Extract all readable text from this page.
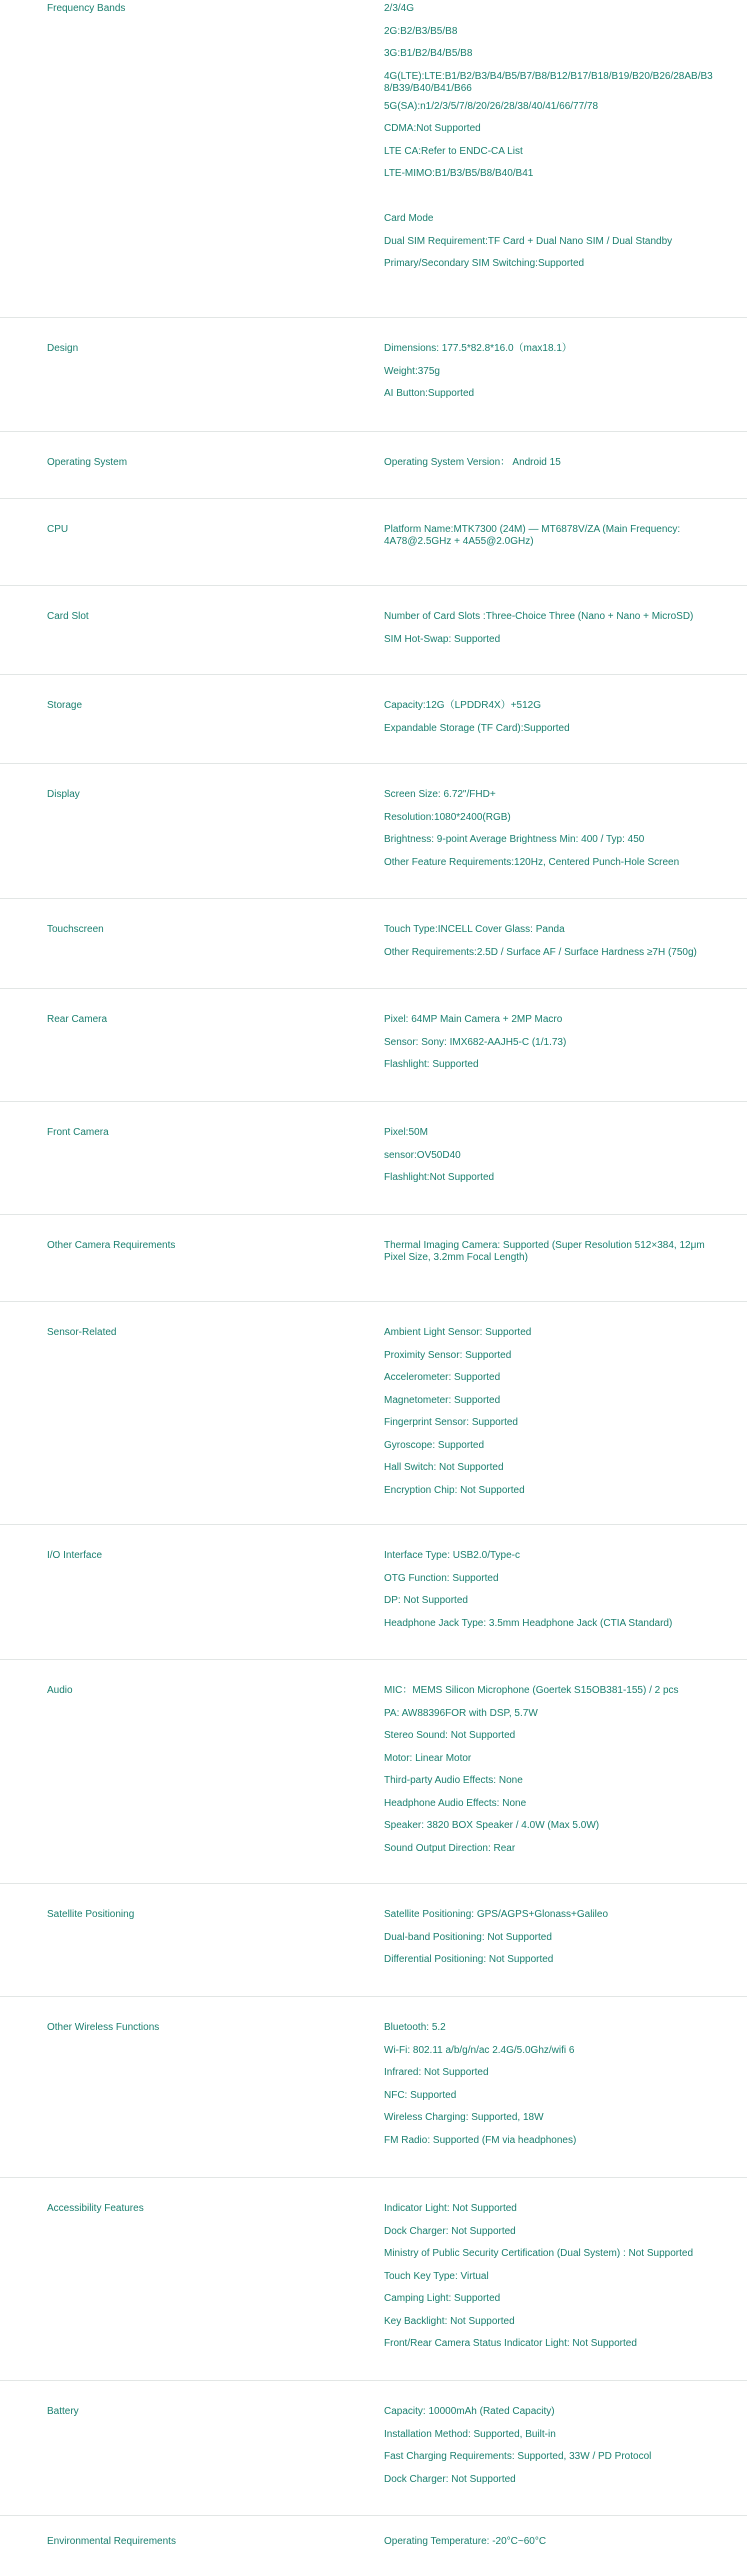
Frequency Bands	2/3/4G
2G:B2/B3/B5/B8
3G:B1/B2/B4/B5/B8
4G(LTE):LTE:B1/B2/B3/B4/B5/B7/B8/B12/B17/B18/B19/B20/B26/28AB/B38/B39/B40/B41/B66
5G(SA):n1/2/3/5/7/8/20/26/28/38/40/41/66/77/78
CDMA:Not Supported
LTE CA:Refer to ENDC-CA List
LTE-MIMO:B1/B3/B5/B8/B40/B41
Card Mode
Dual SIM Requirement:TF Card + Dual Nano SIM / Dual Standby
Primary/Secondary SIM Switching:Supported
Design	Dimensions: 177.5*82.8*16.0（max18.1）
Weight:375g
AI Button:Supported
Operating System	Operating System Version： Android 15
CPU	Platform Name:MTK7300 (24M) — MT6878V/ZA (Main Frequency: 4A78@2.5GHz + 4A55@2.0GHz)
Card Slot	Number of Card Slots :Three-Choice Three (Nano + Nano + MicroSD)
SIM Hot-Swap: Supported
Storage	Capacity:12G（LPDDR4X）+512G
Expandable Storage (TF Card):Supported
Display	Screen Size: 6.72"/FHD+
Resolution:1080*2400(RGB)
Brightness: 9-point Average Brightness Min: 400 / Typ: 450
Other Feature Requirements:120Hz, Centered Punch-Hole Screen
Touchscreen	Touch Type:INCELL Cover Glass: Panda
Other Requirements:2.5D / Surface AF / Surface Hardness ≥7H (750g)
Rear Camera	Pixel: 64MP Main Camera + 2MP Macro
Sensor: Sony: IMX682-AAJH5-C (1/1.73)
Flashlight: Supported
Front Camera	Pixel:50M
sensor:OV50D40
Flashlight:Not Supported
Other Camera Requirements	Thermal Imaging Camera: Supported (Super Resolution 512×384, 12μm Pixel Size, 3.2mm Focal Length)
Sensor-Related	Ambient Light Sensor: Supported
Proximity Sensor: Supported
Accelerometer: Supported
Magnetometer: Supported
Fingerprint Sensor: Supported
Gyroscope: Supported
Hall Switch: Not Supported
Encryption Chip: Not Supported
I/O Interface	Interface Type: USB2.0/Type-c
OTG Function: Supported
DP: Not Supported
Headphone Jack Type: 3.5mm Headphone Jack (CTIA Standard)
Audio	MIC：MEMS Silicon Microphone (Goertek S15OB381-155) / 2 pcs
PA: AW88396FOR with DSP, 5.7W
Stereo Sound: Not Supported
Motor: Linear Motor
Third-party Audio Effects: None
Headphone Audio Effects: None
Speaker: 3820 BOX Speaker / 4.0W (Max 5.0W)
Sound Output Direction: Rear
Satellite Positioning	Satellite Positioning: GPS/AGPS+Glonass+Galileo
Dual-band Positioning: Not Supported
Differential Positioning: Not Supported
Other Wireless Functions	Bluetooth: 5.2
Wi-Fi: 802.11 a/b/g/n/ac 2.4G/5.0Ghz/wifi 6
Infrared: Not Supported
NFC: Supported
Wireless Charging: Supported, 18W
FM Radio: Supported (FM via headphones)
Accessibility Features	Indicator Light: Not Supported
Dock Charger: Not Supported
Ministry of Public Security Certification (Dual System) : Not Supported
Touch Key Type: Virtual
Camping Light: Supported
Key Backlight: Not Supported
Front/Rear Camera Status Indicator Light: Not Supported
Battery	Capacity: 10000mAh (Rated Capacity)
Installation Method: Supported, Built-in
Fast Charging Requirements: Supported, 33W / PD Protocol
Dock Charger: Not Supported
Environmental Requirements	Operating Temperature: -20°C~60°C
